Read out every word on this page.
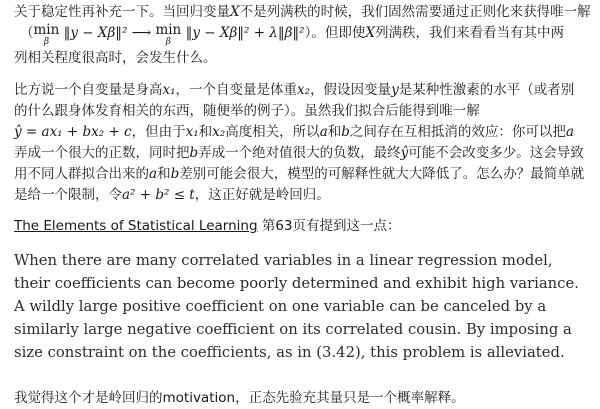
关于稳定性再补充一下。当回归变量X不是列满秩的时候，我们固然需要通过正则化来获得唯一解
（min
β
‖y − Xβ‖² ⟶ min
β
‖y − Xβ‖² + λ‖β‖²）。但即使X列满秩，我们来看看当有其中两
列相关程度很高时，会发生什么。

比方说一个自变量是身高x₁，一个自变量是体重x₂，假设因变量y是某种性激素的水平（或者别
的什么跟身体发育相关的东西，随便举的例子）。虽然我们拟合后能得到唯一解
ŷ = ax₁ + bx₂ + c，但由于x₁和x₂高度相关，所以a和b之间存在互相抵消的效应：你可以把a
弄成一个很大的正数，同时把b弄成一个绝对值很大的负数，最终ŷ可能不会改变多少。这会导致
用不同人群拟合出来的a和b差别可能会很大，模型的可解释性就大大降低了。怎么办？最简单就
是给一个限制，令a² + b² ≤ t，这正好就是岭回归。

The Elements of Statistical Learning 第63页有提到这一点：

When there are many correlated variables in a linear regression model,
their coefficients can become poorly determined and exhibit high variance.
A wildly large positive coefficient on one variable can be canceled by a
similarly large negative coefficient on its correlated cousin. By imposing a
size constraint on the coefficients, as in (3.42), this problem is alleviated.

我觉得这个才是岭回归的motivation，正态先验充其量只是一个概率解释。
